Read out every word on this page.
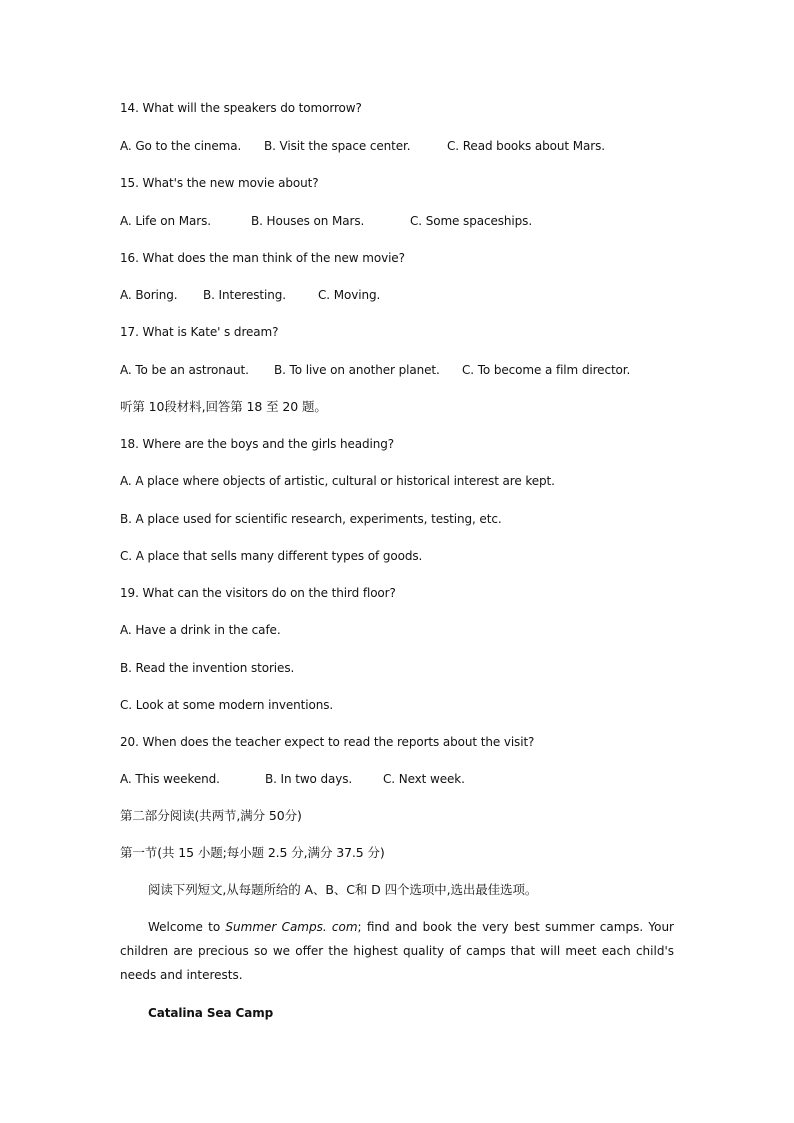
14. What will the speakers do tomorrow?
A. Go to the cinema. B. Visit the space center.	C. Read books about Mars.
15. What's the new movie about?
A. Life on Mars.	B. Houses on Mars.	C. Some spaceships.
16. What does the man think of the new movie?
A. Boring. B. Interesting.	C. Moving.
17. What is Kate' s dream?
A. To be an astronaut. B. To live on another planet. C. To become a film director.
听第 10段材料,回答第 18 至 20 题。
18. Where are the boys and the girls heading?
A. A place where objects of artistic, cultural or historical interest are kept.
B. A place used for scientific research, experiments, testing, etc.
C. A place that sells many different types of goods.
19. What can the visitors do on the third floor?
A. Have a drink in the cafe.
B. Read the invention stories.
C. Look at some modern inventions.
20. When does the teacher expect to read the reports about the visit?
A. This weekend.	B. In two days.	C. Next week.
第二部分阅读(共两节,满分 50分)
第一节(共 15 小题;每小题 2.5 分,满分 37.5 分)
阅读下列短文,从每题所给的 A、B、C和 D 四个选项中,选出最佳选项。
Welcome to Summer Camps. com; find and book the very best summer camps. Your children are precious so we offer the highest quality of camps that will meet each child's needs and interests.
Catalina Sea Camp
